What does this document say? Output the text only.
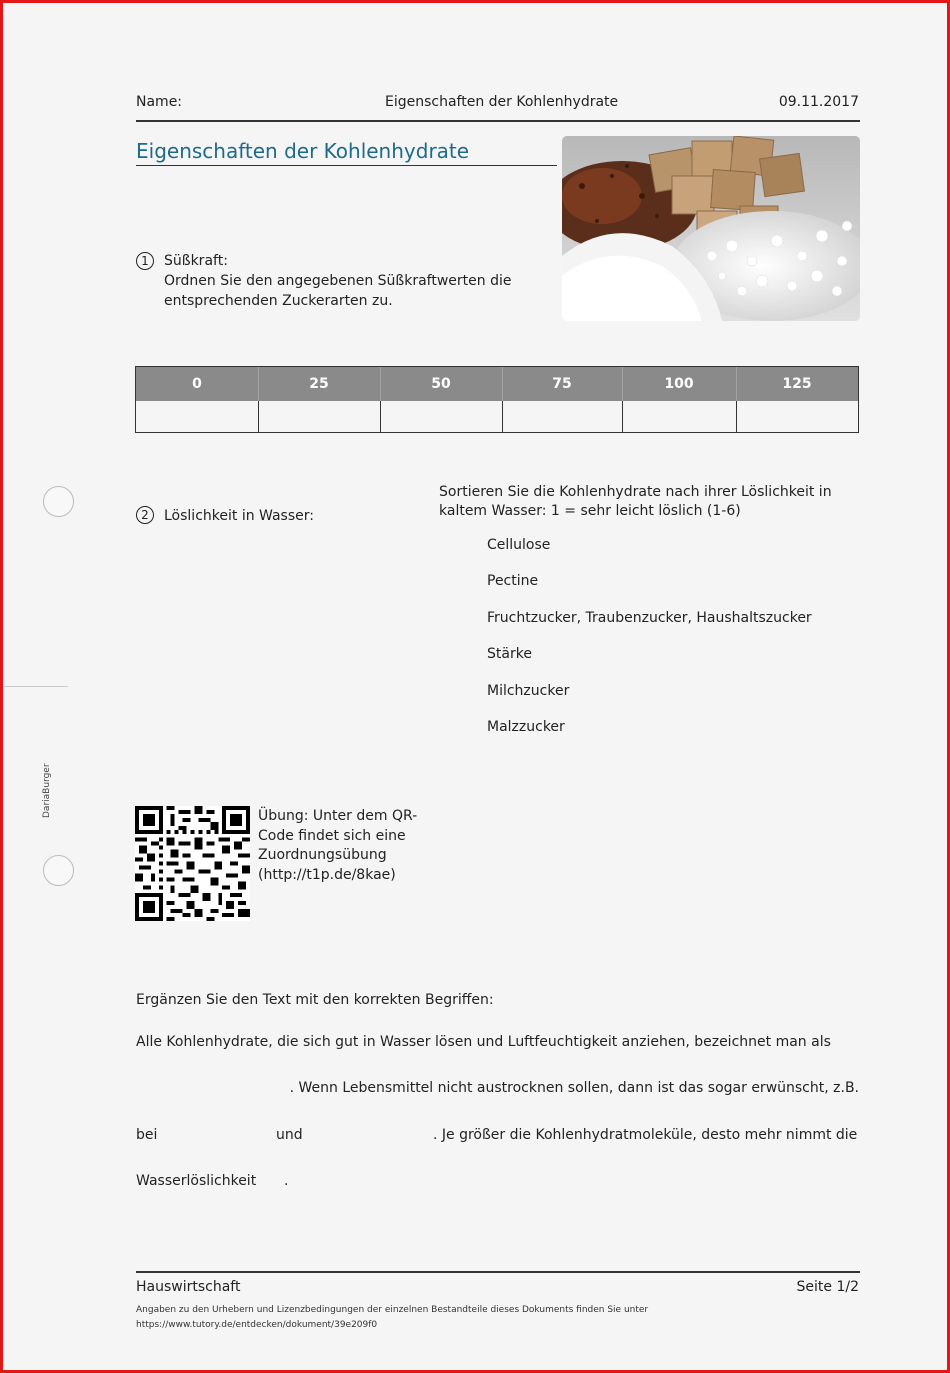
Name:	Eigenschaften der Kohlenhydrate	09.11.2017
Eigenschaften der Kohlenhydrate
1	Süßkraft:
Ordnen Sie den angegebenen Süßkraftwerten die
entsprechenden Zuckerarten zu.
0	25	50	75	100	125
DariaBurger
2	Löslichkeit in Wasser:
Sortieren Sie die Kohlenhydrate nach ihrer Löslichkeit in
kaltem Wasser: 1 = sehr leicht löslich (1-6)
Cellulose
Pectine
Fruchtzucker, Traubenzucker, Haushaltszucker
Stärke
Milchzucker
Malzzucker
Übung: Unter dem QR-
Code findet sich eine
Zuordnungsübung
(http://t1p.de/8kae)
Ergänzen Sie den Text mit den korrekten Begriffen:
Alle Kohlenhydrate, die sich gut in Wasser lösen und Luftfeuchtigkeit anziehen, bezeichnet man als
. Wenn Lebensmittel nicht austrocknen sollen, dann ist das sogar erwünscht, z.B.
bei	und	. Je größer die Kohlenhydratmoleküle, desto mehr nimmt die
Wasserlöslichkeit .
Hauswirtschaft	Seite 1/2
Angaben zu den Urhebern und Lizenzbedingungen der einzelnen Bestandteile dieses Dokuments finden Sie unter
https://www.tutory.de/entdecken/dokument/39e209f0
